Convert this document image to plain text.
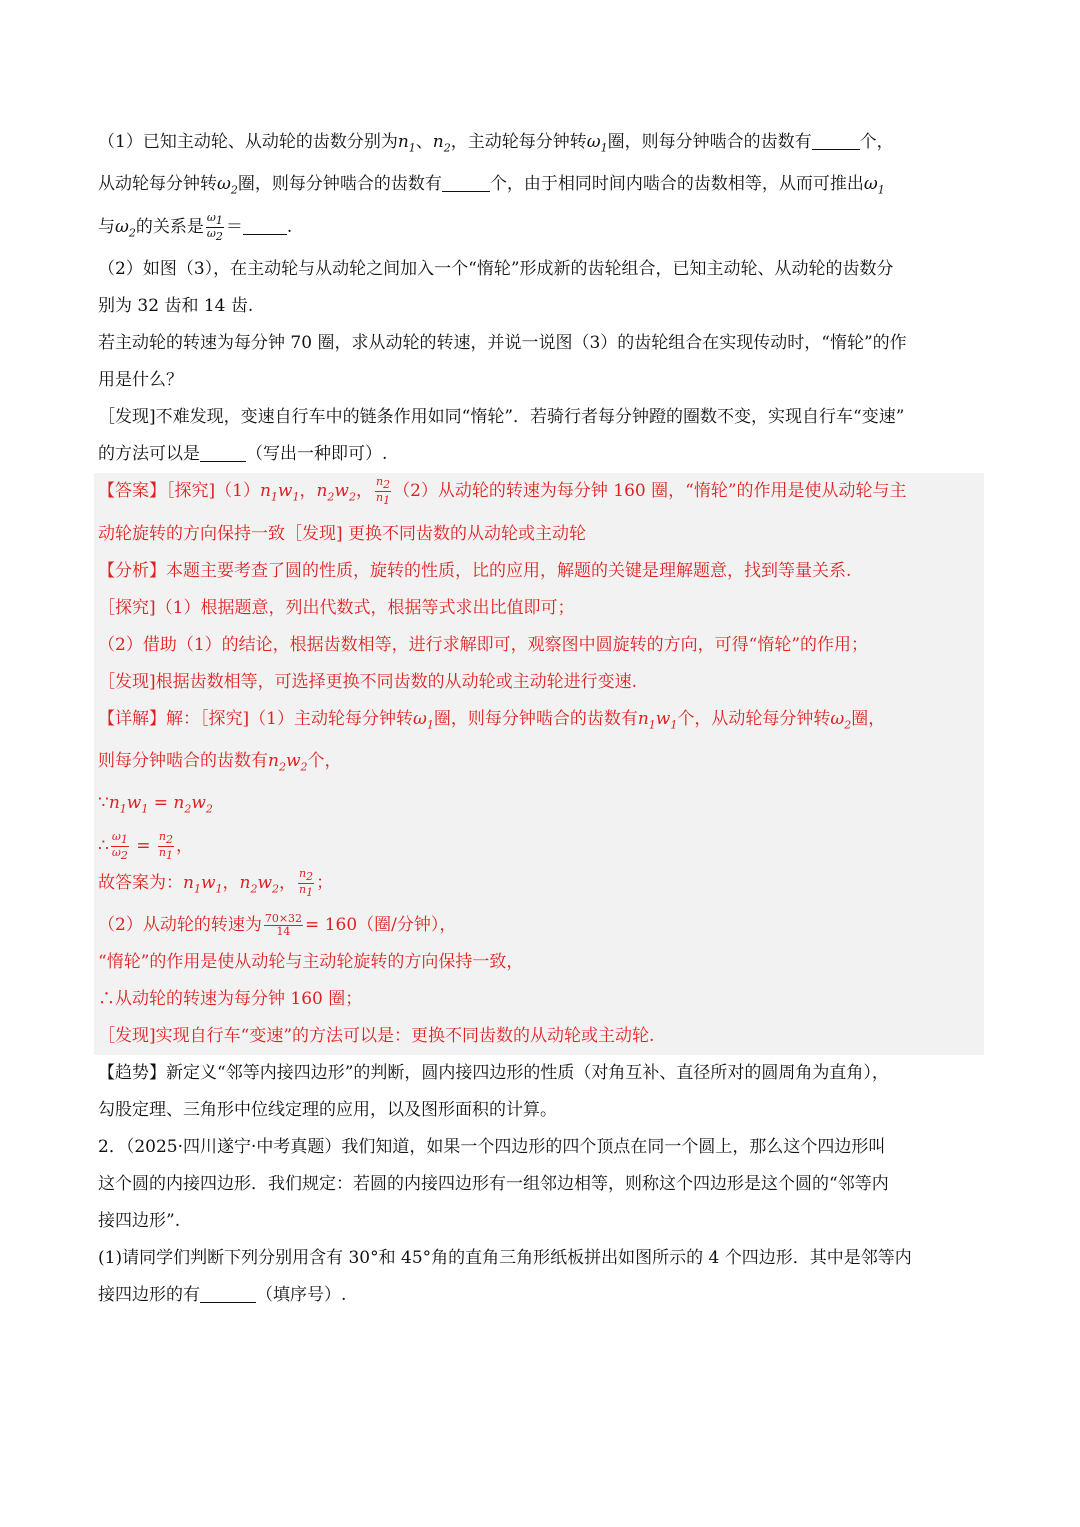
（1）已知主动轮、从动轮的齿数分别为$n_1$、$n_2$，主动轮每分钟转$\omega_1$圈，则每分钟啮合的齿数有	个，
从动轮每分钟转$\omega_2$圈，则每分钟啮合的齿数有	个，由于相同时间内啮合的齿数相等，从而可推出$\omega_1$
与$\omega_2$的关系是 $\frac{\omega_1}{\omega_2}$ ＝	.
（2）如图（3），在主动轮与从动轮之间加入一个“惰轮”形成新的齿轮组合，已知主动轮、从动轮的齿数分
别为 32 齿和 14 齿.
若主动轮的转速为每分钟 70 圈，求从动轮的转速，并说一说图（3）的齿轮组合在实现传动时，“惰轮”的作
用是什么？
［发现]不难发现，变速自行车中的链条作用如同“惰轮”．若骑行者每分钟蹬的圈数不变，实现自行车“变速”
的方法可以是	（写出一种即可）.
【答案】［探究]$(1)n_1w_1$，$n_2w_2$， $\frac{n_2}{n_1} (2)$从动轮的转速为每分钟 160 圈，“惰轮”的作用是使从动轮与主
动轮旋转的方向保持一致［发现] 更换不同齿数的从动轮或主动轮
【分析】本题主要考查了圆的性质，旋转的性质，比的应用，解题的关键是理解题意，找到等量关系.
［探究]（1）根据题意，列出代数式，根据等式求出比值即可；
（2）借助（1）的结论，根据齿数相等，进行求解即可，观察图中圆旋转的方向，可得“惰轮”的作用；
［发现]根据齿数相等，可选择更换不同齿数的从动轮或主动轮进行变速.
【详解】解：［探究]（1）主动轮每分钟转$\omega_1$圈，则每分钟啮合的齿数有$n_1w_1$个，从动轮每分钟转$\omega_2$圈，
则每分钟啮合的齿数有$n_2w_2$个，
$\because n_1w_1 = n_2w_2$
∴ $\frac{\omega_1}{\omega_2} = \frac{n_2}{n_1}$ ，
故答案为：$n_1w_1$，$n_2w_2$， $\frac{n_2}{n_1}$ ；
（2）从动轮的转速为 $\frac{70\times 32}{14} = 160$（圈/分钟），
“惰轮”的作用是使从动轮与主动轮旋转的方向保持一致，
∴从动轮的转速为每分钟 160 圈；
［发现]实现自行车“变速”的方法可以是：更换不同齿数的从动轮或主动轮.
【趋势】新定义“邻等内接四边形”的判断，圆内接四边形的性质（对角互补、直径所对的圆周角为直角），
勾股定理、三角形中位线定理的应用，以及图形面积的计算。
2．（2025·四川遂宁·中考真题）我们知道，如果一个四边形的四个顶点在同一个圆上，那么这个四边形叫
这个圆的内接四边形．我们规定：若圆的内接四边形有一组邻边相等，则称这个四边形是这个圆的“邻等内
接四边形”.
(1)请同学们判断下列分别用含有 30°和 45°角的直角三角形纸板拼出如图所示的 4 个四边形．其中是邻等内
接四边形的有	（填序号）.
